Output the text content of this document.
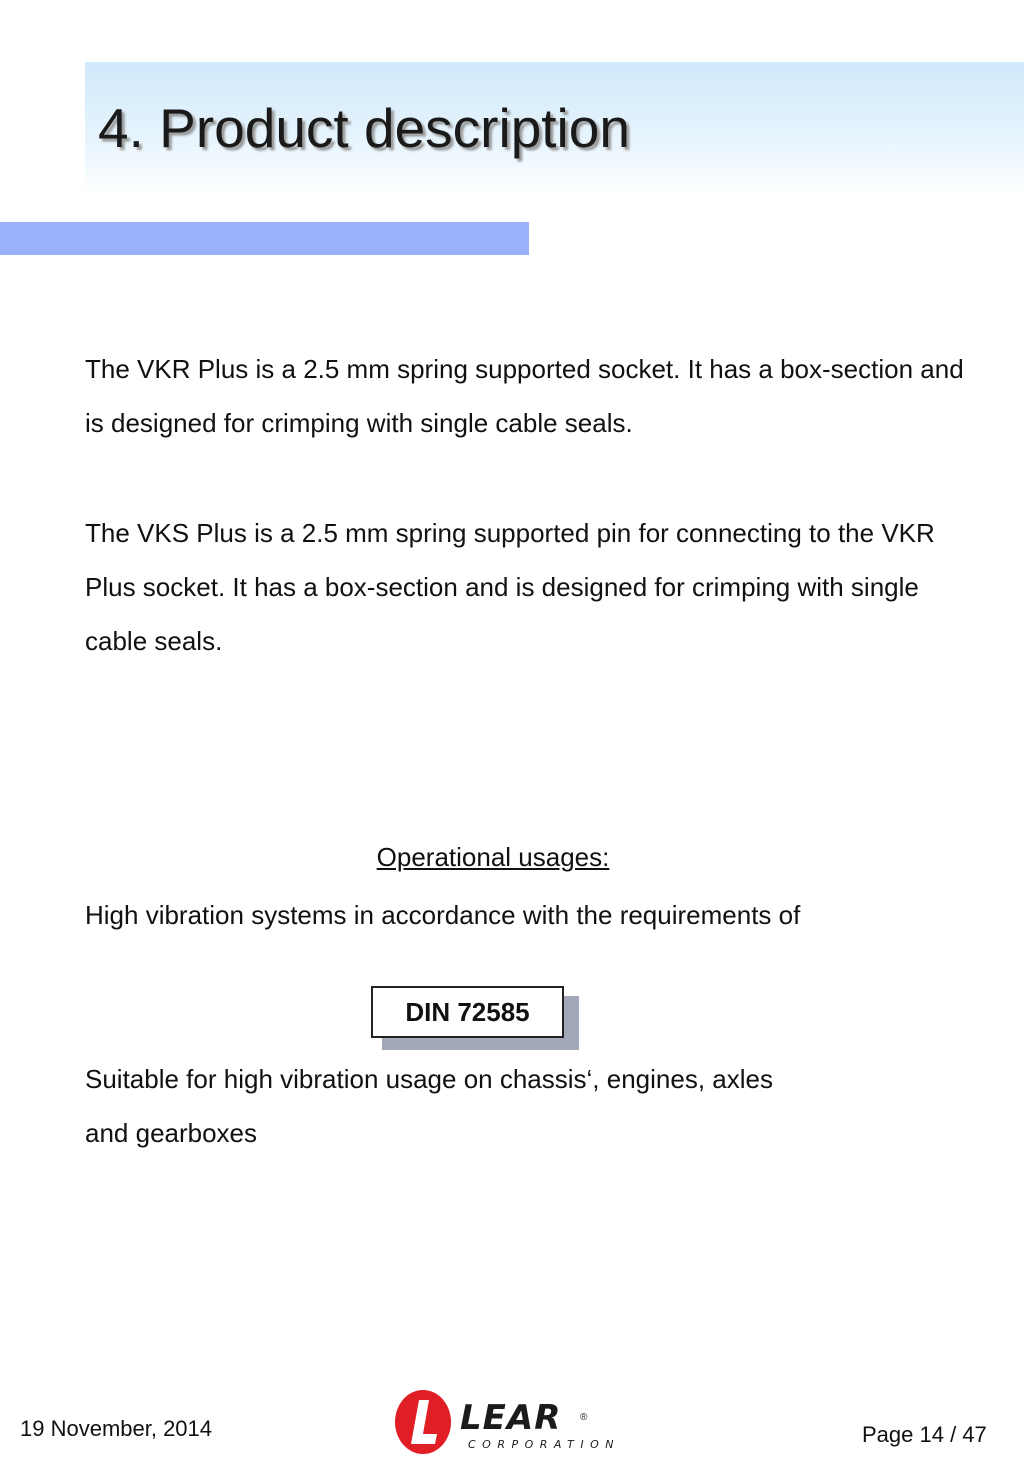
4. Product description

The VKR Plus is a 2.5 mm spring supported socket. It has a box-section and is designed for crimping with single cable seals.

The VKS Plus is a 2.5 mm spring supported pin for connecting to the VKR Plus socket. It has a box-section and is designed for crimping with single cable seals.

Operational usages:

High vibration systems in accordance with the requirements of

DIN 72585

Suitable for high vibration usage on chassis‘, engines, axles
and gearboxes

19 November, 2014	LEAR ®
CORPORATION	Page 14 / 47
